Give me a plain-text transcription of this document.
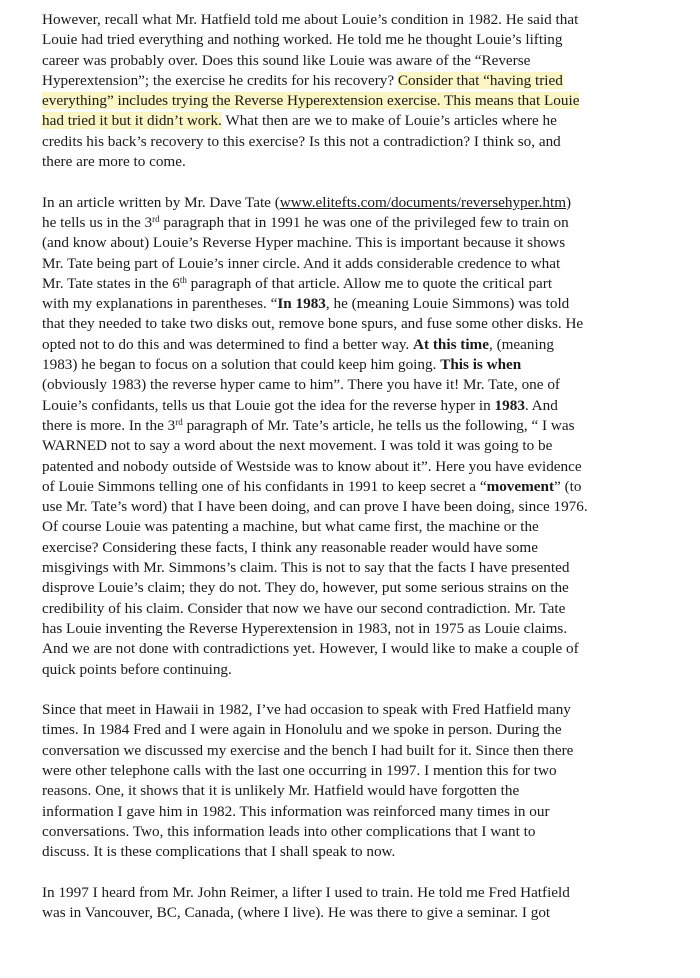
However, recall what Mr. Hatfield told me about Louie’s condition in 1982. He said that
Louie had tried everything and nothing worked. He told me he thought Louie’s lifting
career was probably over. Does this sound like Louie was aware of the “Reverse
Hyperextension”; the exercise he credits for his recovery? Consider that “having tried
everything” includes trying the Reverse Hyperextension exercise. This means that Louie
had tried it but it didn’t work. What then are we to make of Louie’s articles where he
credits his back’s recovery to this exercise? Is this not a contradiction? I think so, and
there are more to come.

In an article written by Mr. Dave Tate (www.elitefts.com/documents/reversehyper.htm)
he tells us in the 3rd paragraph that in 1991 he was one of the privileged few to train on
(and know about) Louie’s Reverse Hyper machine. This is important because it shows
Mr. Tate being part of Louie’s inner circle. And it adds considerable credence to what
Mr. Tate states in the 6th paragraph of that article. Allow me to quote the critical part
with my explanations in parentheses. “In 1983, he (meaning Louie Simmons) was told
that they needed to take two disks out, remove bone spurs, and fuse some other disks. He
opted not to do this and was determined to find a better way. At this time, (meaning
1983) he began to focus on a solution that could keep him going. This is when
(obviously 1983) the reverse hyper came to him”. There you have it! Mr. Tate, one of
Louie’s confidants, tells us that Louie got the idea for the reverse hyper in 1983. And
there is more. In the 3rd paragraph of Mr. Tate’s article, he tells us the following, “ I was
WARNED not to say a word about the next movement. I was told it was going to be
patented and nobody outside of Westside was to know about it”. Here you have evidence
of Louie Simmons telling one of his confidants in 1991 to keep secret a “movement” (to
use Mr. Tate’s word) that I have been doing, and can prove I have been doing, since 1976.
Of course Louie was patenting a machine, but what came first, the machine or the
exercise? Considering these facts, I think any reasonable reader would have some
misgivings with Mr. Simmons’s claim. This is not to say that the facts I have presented
disprove Louie’s claim; they do not. They do, however, put some serious strains on the
credibility of his claim. Consider that now we have our second contradiction. Mr. Tate
has Louie inventing the Reverse Hyperextension in 1983, not in 1975 as Louie claims.
And we are not done with contradictions yet. However, I would like to make a couple of
quick points before continuing.

Since that meet in Hawaii in 1982, I’ve had occasion to speak with Fred Hatfield many
times. In 1984 Fred and I were again in Honolulu and we spoke in person. During the
conversation we discussed my exercise and the bench I had built for it. Since then there
were other telephone calls with the last one occurring in 1997. I mention this for two
reasons. One, it shows that it is unlikely Mr. Hatfield would have forgotten the
information I gave him in 1982. This information was reinforced many times in our
conversations. Two, this information leads into other complications that I want to
discuss. It is these complications that I shall speak to now.

In 1997 I heard from Mr. John Reimer, a lifter I used to train. He told me Fred Hatfield
was in Vancouver, BC, Canada, (where I live). He was there to give a seminar. I got
